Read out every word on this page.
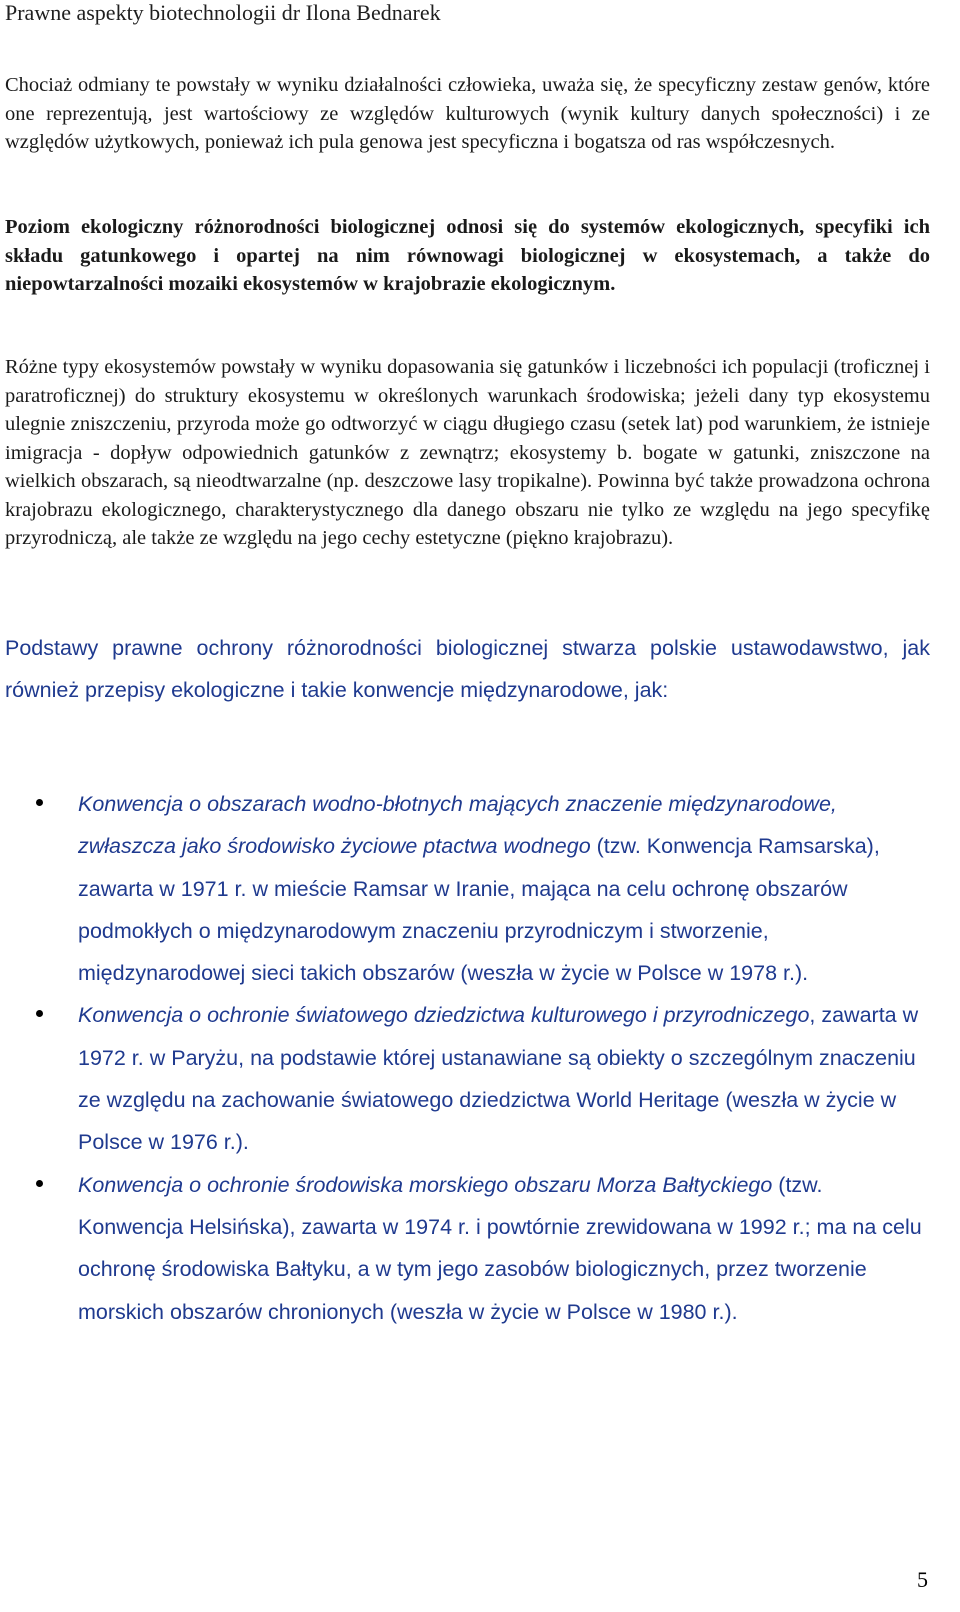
Prawne aspekty biotechnologii dr Ilona Bednarek

Chociaż odmiany te powstały w wyniku działalności człowieka, uważa się, że specyficzny zestaw genów, które one reprezentują, jest wartościowy ze względów kulturowych (wynik kultury danych społeczności) i ze względów użytkowych, ponieważ ich pula genowa jest specyficzna i bogatsza od ras współczesnych.

Poziom ekologiczny różnorodności biologicznej odnosi się do systemów ekologicznych, specyfiki ich składu gatunkowego i opartej na nim równowagi biologicznej w ekosystemach, a także do niepowtarzalności mozaiki ekosystemów w krajobrazie ekologicznym.

Różne typy ekosystemów powstały w wyniku dopasowania się gatunków i liczebności ich populacji (troficznej i paratroficznej) do struktury ekosystemu w określonych warunkach środowiska; jeżeli dany typ ekosystemu ulegnie zniszczeniu, przyroda może go odtworzyć w ciągu długiego czasu (setek lat) pod warunkiem, że istnieje imigracja - dopływ odpowiednich gatunków z zewnątrz; ekosystemy b. bogate w gatunki, zniszczone na wielkich obszarach, są nieodtwarzalne (np. deszczowe lasy tropikalne). Powinna być także prowadzona ochrona krajobrazu ekologicznego, charakterystycznego dla danego obszaru nie tylko ze względu na jego specyfikę przyrodniczą, ale także ze względu na jego cechy estetyczne (piękno krajobrazu).

Podstawy prawne ochrony różnorodności biologicznej stwarza polskie ustawodawstwo, jak również przepisy ekologiczne i takie konwencje międzynarodowe, jak:

Konwencja o obszarach wodno-błotnych mających znaczenie międzynarodowe, zwłaszcza jako środowisko życiowe ptactwa wodnego (tzw. Konwencja Ramsarska), zawarta w 1971 r. w mieście Ramsar w Iranie, mająca na celu ochronę obszarów podmokłych o międzynarodowym znaczeniu przyrodniczym i stworzenie, międzynarodowej sieci takich obszarów (weszła w życie w Polsce w 1978 r.).
Konwencja o ochronie światowego dziedzictwa kulturowego i przyrodniczego, zawarta w 1972 r. w Paryżu, na podstawie której ustanawiane są obiekty o szczególnym znaczeniu ze względu na zachowanie światowego dziedzictwa World Heritage (weszła w życie w Polsce w 1976 r.).
Konwencja o ochronie środowiska morskiego obszaru Morza Bałtyckiego (tzw. Konwencja Helsińska), zawarta w 1974 r. i powtórnie zrewidowana w 1992 r.; ma na celu ochronę środowiska Bałtyku, a w tym jego zasobów biologicznych, przez tworzenie morskich obszarów chronionych (weszła w życie w Polsce w 1980 r.).
5
